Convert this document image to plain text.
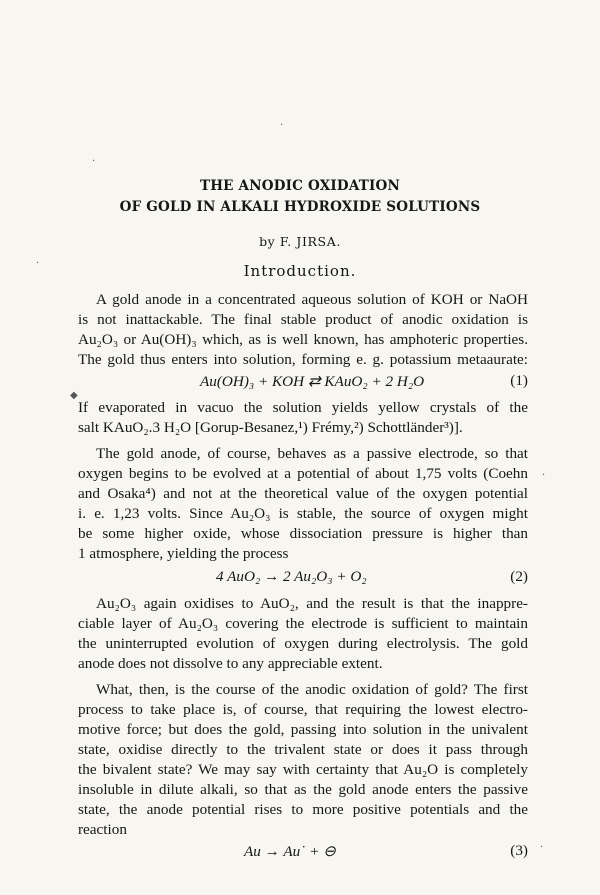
THE ANODIC OXIDATION
OF GOLD IN ALKALI HYDROXIDE SOLUTIONS
by F. JIRSA.
Introduction.
A gold anode in a concentrated aqueous solution of KOH or NaOH
is not inattackable. The final stable product of anodic oxidation is
Au₂O₃ or Au(OH)₃ which, as is well known, has amphoteric properties.
The gold thus enters into solution, forming e. g. potassium metaaurate:
Au(OH)₃ + KOH ⇄ KAuO₂ + 2 H₂O	(1)
If evaporated in vacuo the solution yields yellow crystals of the
salt KAuO₂.3 H₂O [Gorup-Besanez,¹) Frémy,²) Schottländer³)].
The gold anode, of course, behaves as a passive electrode, so that
oxygen begins to be evolved at a potential of about 1,75 volts (Coehn
and Osaka⁴) and not at the theoretical value of the oxygen potential
i. e. 1,23 volts. Since Au₂O₃ is stable, the source of oxygen might
be some higher oxide, whose dissociation pressure is higher than
1 atmosphere, yielding the process
4 AuO₂ → 2 Au₂O₃ + O₂	(2)
Au₂O₃ again oxidises to AuO₂, and the result is that the inappre-
ciable layer of Au₂O₃ covering the electrode is sufficient to maintain
the uninterrupted evolution of oxygen during electrolysis. The gold
anode does not dissolve to any appreciable extent.
What, then, is the course of the anodic oxidation of gold? The first
process to take place is, of course, that requiring the lowest electro-
motive force; but does the gold, passing into solution in the univalent
state, oxidise directly to the trivalent state or does it pass through
the bivalent state? We may say with certainty that Au₂O is completely
insoluble in dilute alkali, so that as the gold anode enters the passive
state, the anode potential rises to more positive potentials and the
reaction
Au → Au˙ + ⊖	(3)
·
·
◆
·
·
·
